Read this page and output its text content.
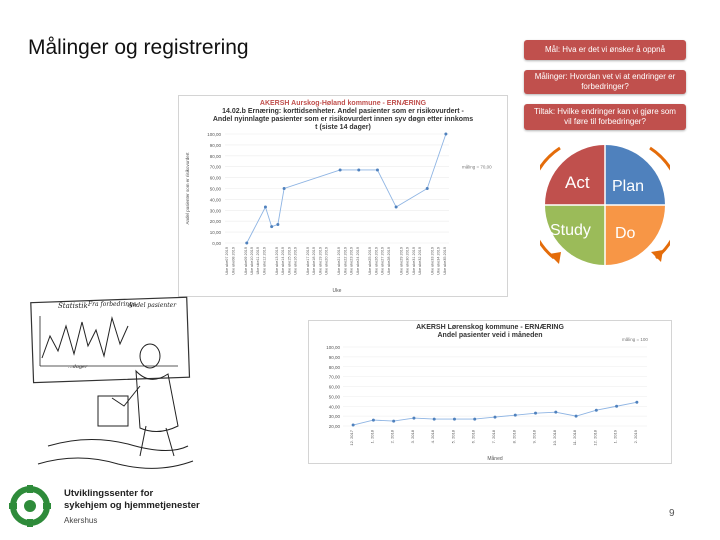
Målinger og registrering	Mål: Hva er det vi ønsker å oppnå
Målinger: Hvordan vet vi at endringer er forbedringer?
Tiltak: Hvilke endringer kan vi gjøre som vil føre til forbedringer?
Act Plan
Study Do
AKERSH Aurskog-Høland kommune - ERNÆRING
14.02.b Ernæring: korttidsenheter. Andel pasienter som er risikovurdert -
Andel nyinnlagte pasienter som er risikovurdert innen syv døgn etter innkoms
t (siste 14 dager)
0,00
10,00
20,00
30,00
40,00
50,00
60,00
70,00
80,00
90,00
100,00
Andel pasienter som er risikovurdert
Uke uke07 2019 Uke uke08 2019 Uke uke09 2019 Uke uke10 2019 Uke uke11 2019 Uke uke12 2019 Uke uke13 2019 Uke uke14 2019 Uke uke15 2019 Uke uke16 2019 Uke uke17 2019 Uke uke18 2019 Uke uke19 2019 Uke uke20 2019 Uke uke21 2019 Uke uke22 2019 Uke uke23 2019 Uke uke24 2019 Uke uke25 2019 Uke uke26 2019 Uke uke27 2019 Uke uke28 2019 Uke uke29 2019 Uke uke30 2019 Uke uke31 2019 Uke uke32 2019 Uke uke33 2019 Uke uke34 2019 Uke uke35 2019
Uke
måling = 70,00
AKERSH Lørenskog kommune - ERNÆRING
Andel pasienter veid i måneden
20,00
30,00
40,00
50,00
60,00
70,00
80,00
90,00
100,00
12. 2017	1. 2018	2. 2018	3. 2018	4. 2018	5. 2018	6. 2018	7. 2018	8. 2018	9. 2018	10. 2018	11. 2018	12. 2018	1. 2019	2. 2019
Måned
måling = 100
Statistik Fra forbedrings-
Andel pasienter
...dager
Utviklingssenter for
sykehjem og hjemmetjenester
Akershus
9
